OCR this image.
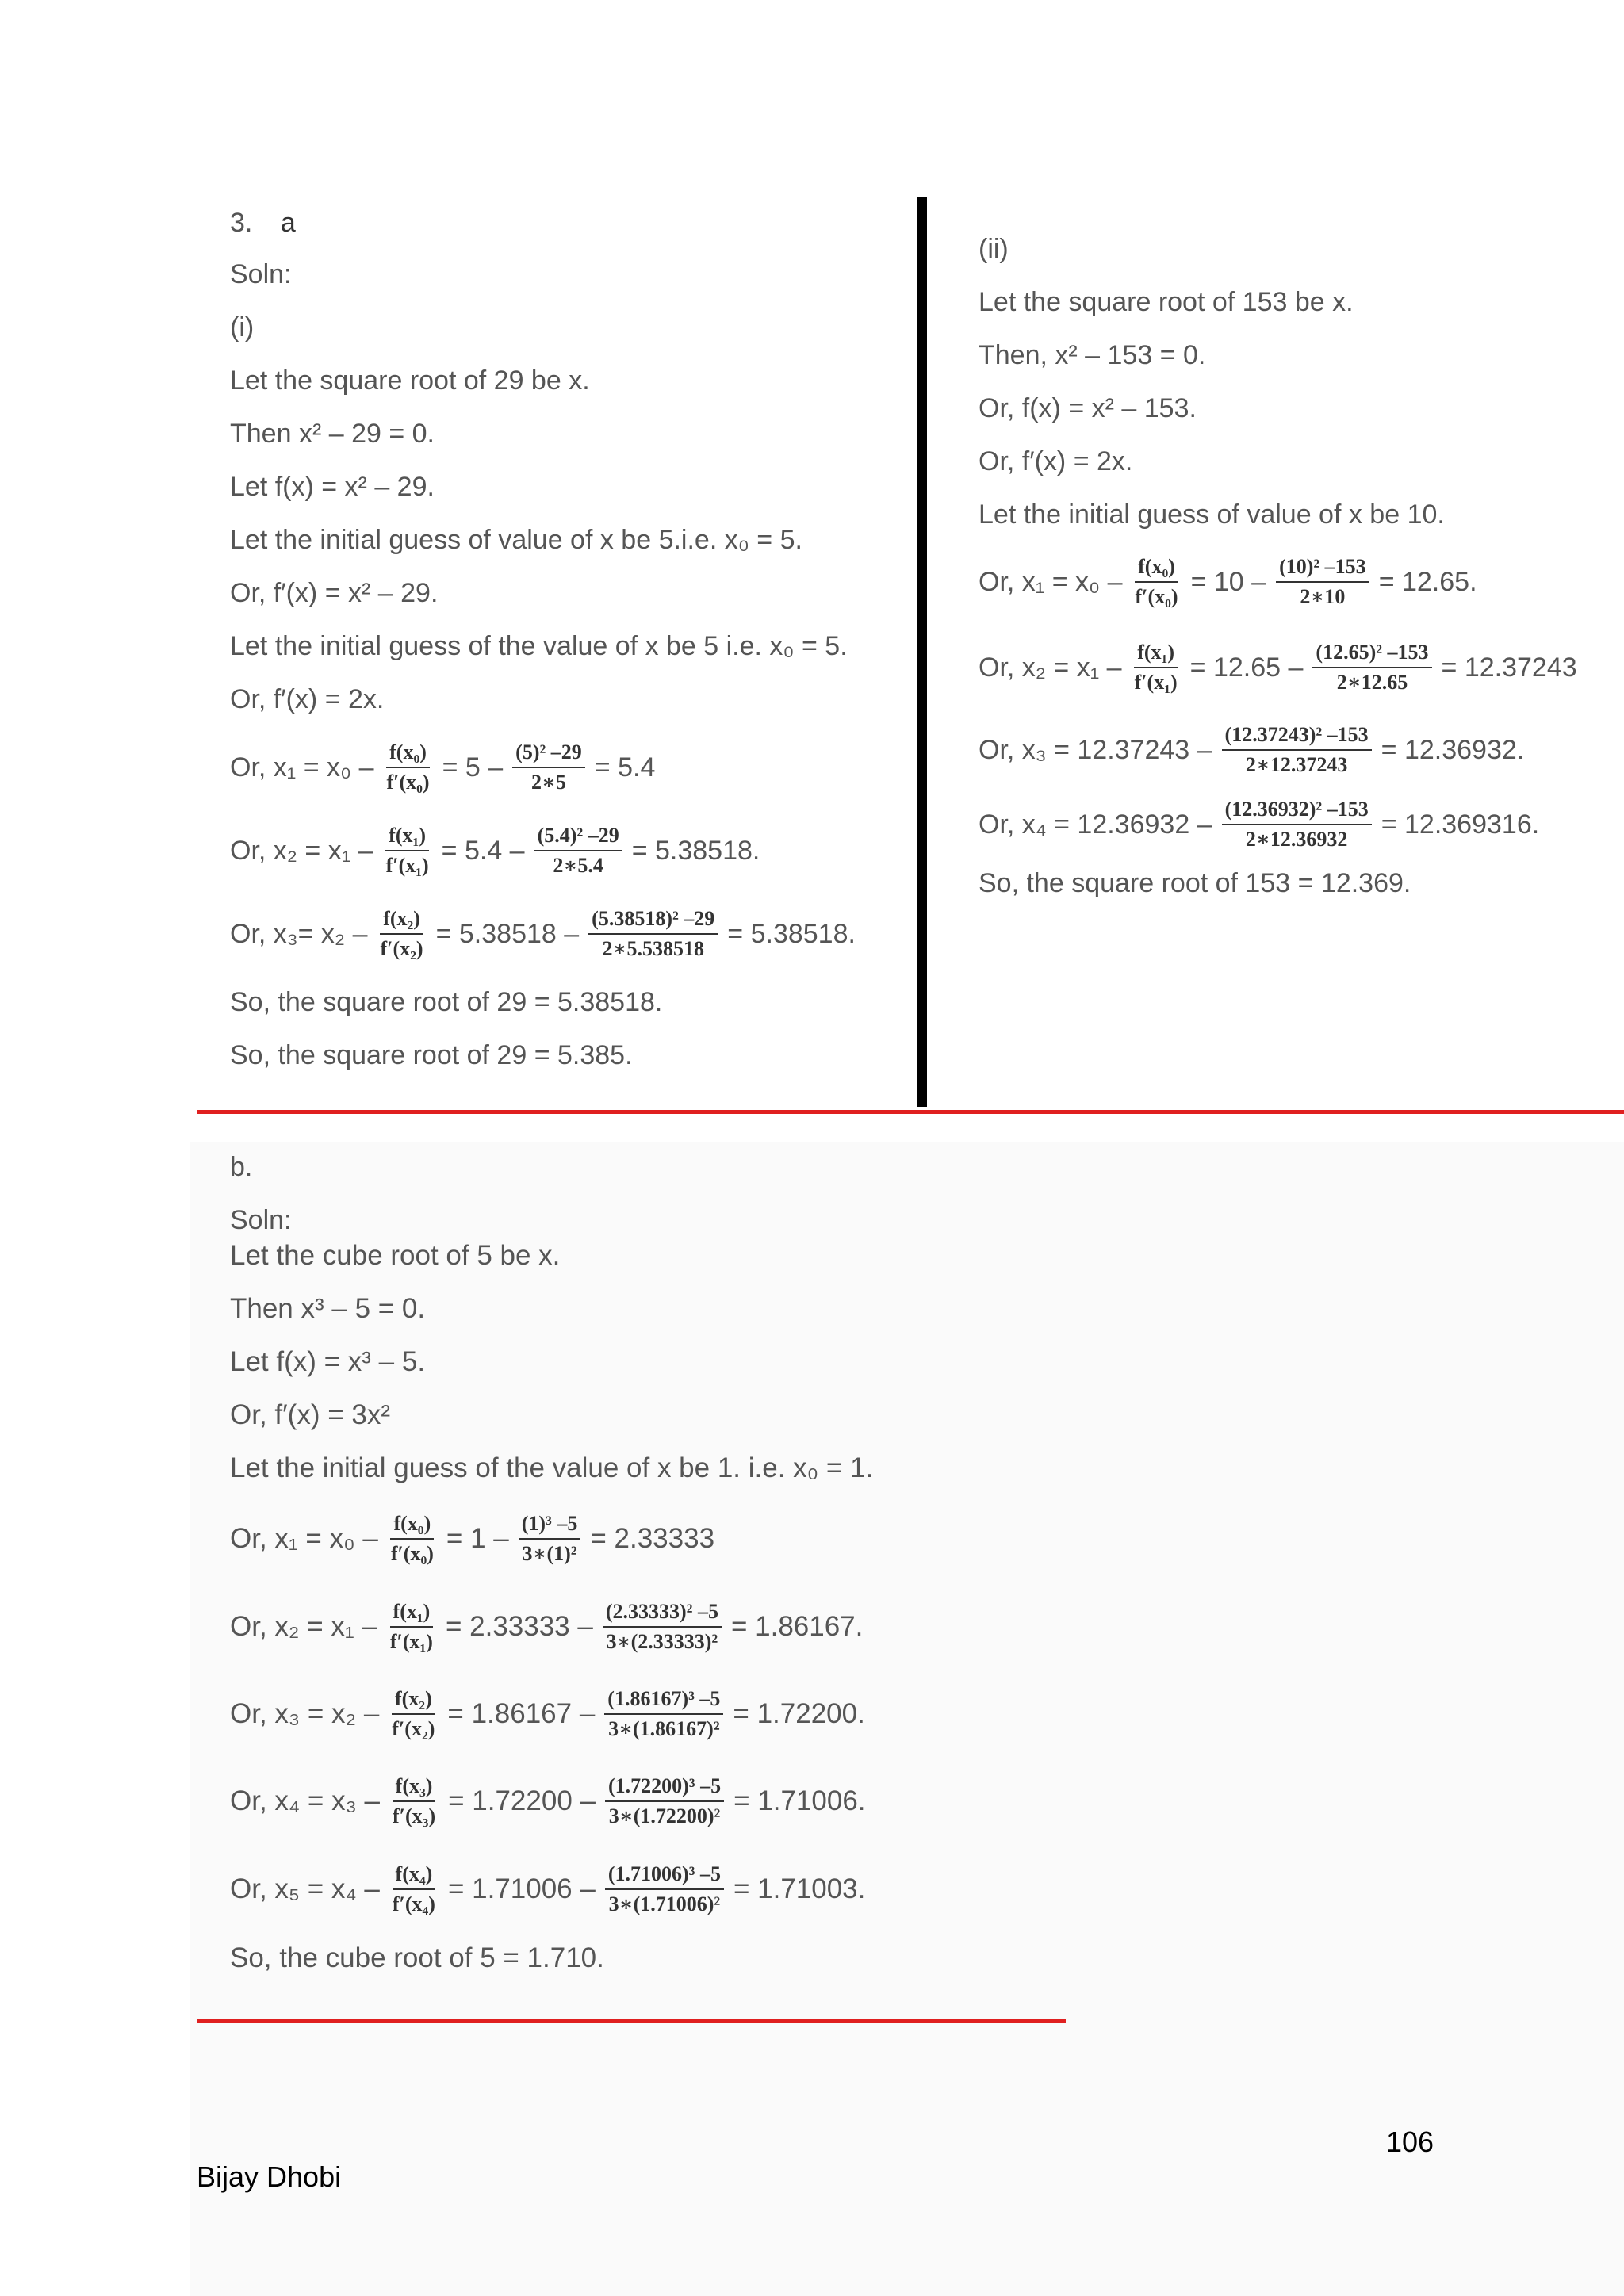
3. a

Soln:

(i)

Let the square root of 29 be x.

Then x² – 29 = 0.

Let f(x) = x² – 29.

Let the initial guess of value of x be 5.i.e. x₀ = 5.

Or, f′(x) = x² – 29.

Let the initial guess of the value of x be 5 i.e. x₀ = 5.

Or, f′(x) = 2x.

Or, $x_1 = x_0 - \frac{\text{f(x₀)}}{\text{f′(x₀)}} = 5 - \frac{\text{(5)² –29}}{2∗5} = 5.4$
Or, $x_2 = x_1 - \frac{\text{f(x₁)}}{\text{f′(x₁)}} = 5.4 - \frac{\text{(5.4)² –29}}{2∗5.4} = 5.38518$.
Or, $x_3= x_2 - \frac{\text{f(x₂)}}{\text{f′(x₂)}} = 5.38518 - \frac{\text{(5.38518)² –29}}{2∗5.538518} = 5.38518$.

So, the square root of 29 = 5.38518.

So, the square root of 29 = 5.385.

(ii)

Let the square root of 153 be x.

Then, x² – 153 = 0.

Or, f(x) = x² – 153.

Or, f′(x) = 2x.

Let the initial guess of value of x be 10.

Or, $x_1 = x_0 - \frac{\text{f(x₀)}}{\text{f′(x₀)}} = 10 - \frac{\text{(10)² –153}}{2∗10} = 12.65$.
Or, $x_2 = x_1 - \frac{\text{f(x₁)}}{\text{f′(x₁)}} = 12.65 - \frac{\text{(12.65)² –153}}{2∗12.65} = 12.37243$
Or, $x_3 = 12.37243 - \frac{\text{(12.37243)² –153}}{2∗12.37243} = 12.36932$.
Or, $x_4 = 12.36932 - \frac{\text{(12.36932)² –153}}{2∗12.36932} = 12.369316$.

So, the square root of 153 = 12.369.

b.

Soln:

Let the cube root of 5 be x.

Then x³ – 5 = 0.

Let f(x) = x³ – 5.

Or, f′(x) = 3x²

Let the initial guess of the value of x be 1. i.e. x₀ = 1.

Or, $x_1 = x_0 - \frac{\text{f(x₀)}}{\text{f′(x₀)}} = 1 - \frac{\text{(1)³ –5}}{\text{3∗(1)²}} = 2.33333$
Or, $x_2 = x_1 - \frac{\text{f(x₁)}}{\text{f′(x₁)}} = 2.33333 - \frac{\text{(2.33333)² –5}}{\text{3∗(2.33333)²}} = 1.86167$.
Or, $x_3 = x_2 - \frac{\text{f(x₂)}}{\text{f′(x₂)}} = 1.86167 - \frac{\text{(1.86167)³ –5}}{\text{3∗(1.86167)²}} = 1.72200$.
Or, $x_4 = x_3 - \frac{\text{f(x₃)}}{\text{f′(x₃)}} = 1.72200 - \frac{\text{(1.72200)³ –5}}{\text{3∗(1.72200)²}} = 1.71006$.
Or, $x_5 = x_4 - \frac{\text{f(x₄)}}{\text{f′(x₄)}} = 1.71006 - \frac{\text{(1.71006)³ –5}}{\text{3∗(1.71006)²}} = 1.71003$.

So, the cube root of 5 = 1.710.

106
Bijay Dhobi
